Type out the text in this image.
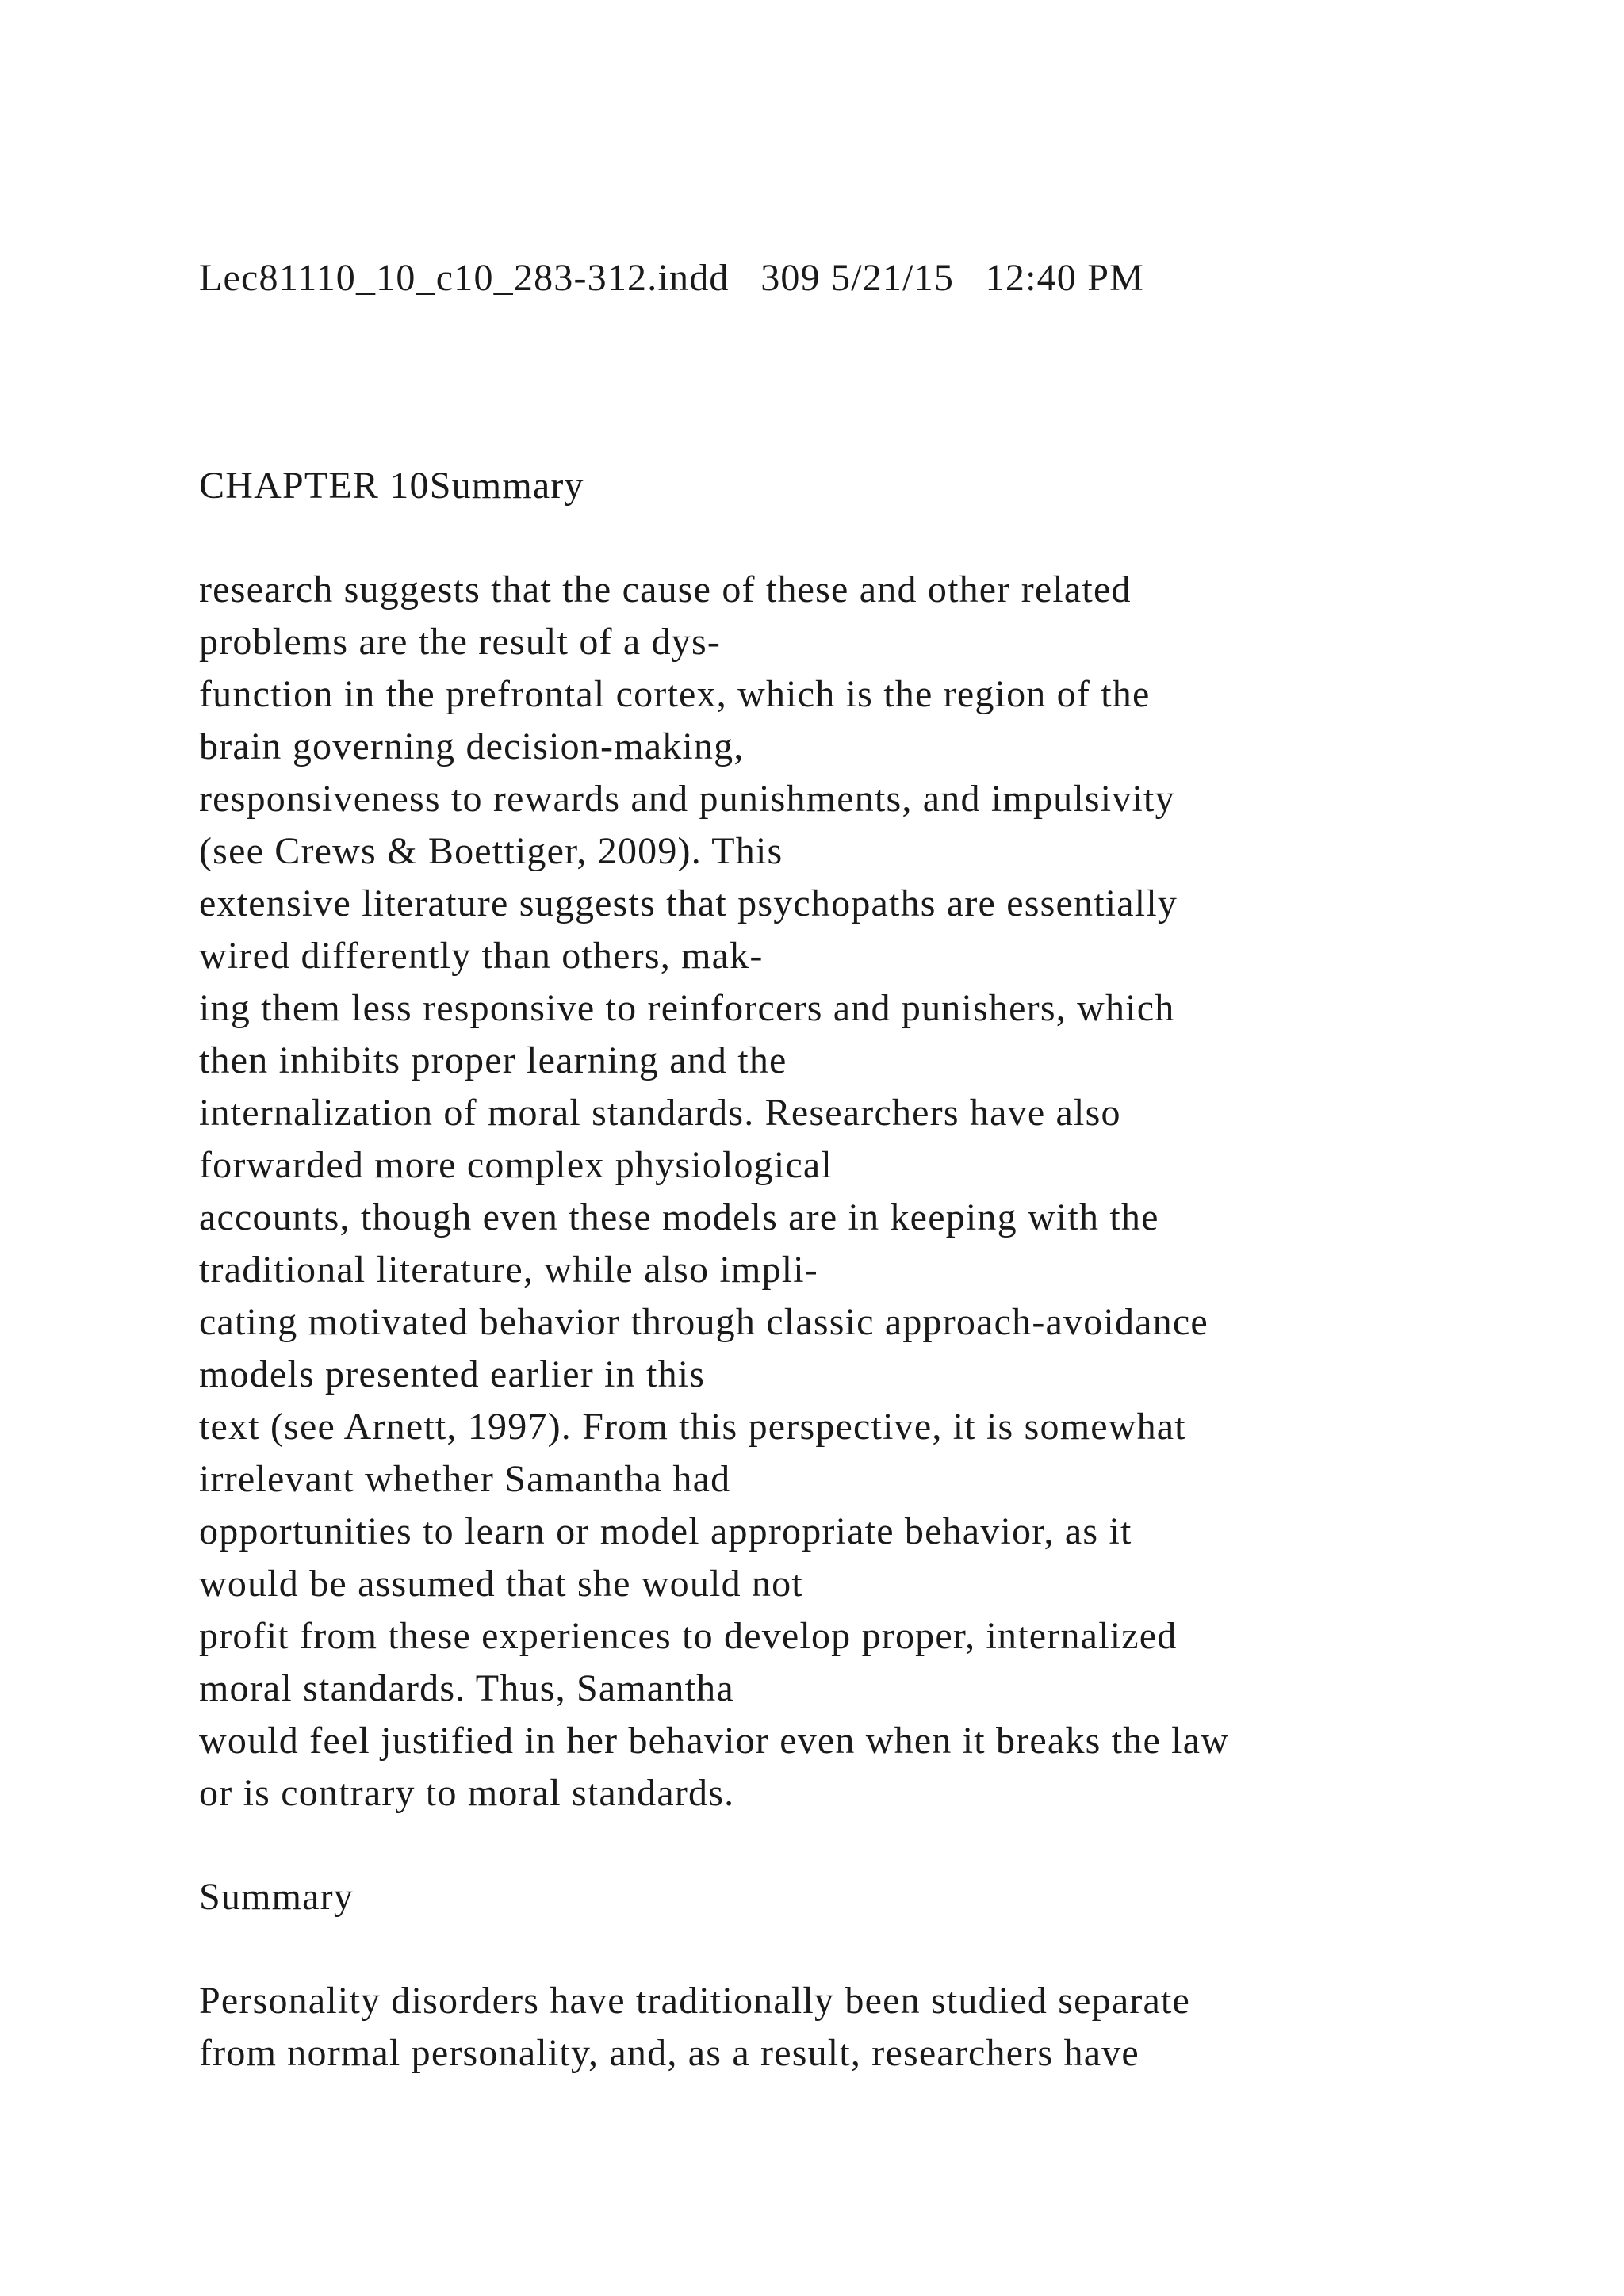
Lec81110_10_c10_283-312.indd   309 5/21/15   12:40 PM

CHAPTER 10Summary

research suggests that the cause of these and other related

problems are the result of a dys-

function in the prefrontal cortex, which is the region of the

brain governing decision-making,

responsiveness to rewards and punishments, and impulsivity

(see Crews & Boettiger, 2009). This

extensive literature suggests that psychopaths are essentially

wired differently than others, mak-

ing them less responsive to reinforcers and punishers, which

then inhibits proper learning and the

internalization of moral standards. Researchers have also

forwarded more complex physiological

accounts, though even these models are in keeping with the

traditional literature, while also impli-

cating motivated behavior through classic approach-avoidance

models presented earlier in this

text (see Arnett, 1997). From this perspective, it is somewhat

irrelevant whether Samantha had

opportunities to learn or model appropriate behavior, as it

would be assumed that she would not

profit from these experiences to develop proper, internalized

moral standards. Thus, Samantha

would feel justified in her behavior even when it breaks the law

or is contrary to moral standards.

Summary

Personality disorders have traditionally been studied separate

from normal personality, and, as a result, researchers have
